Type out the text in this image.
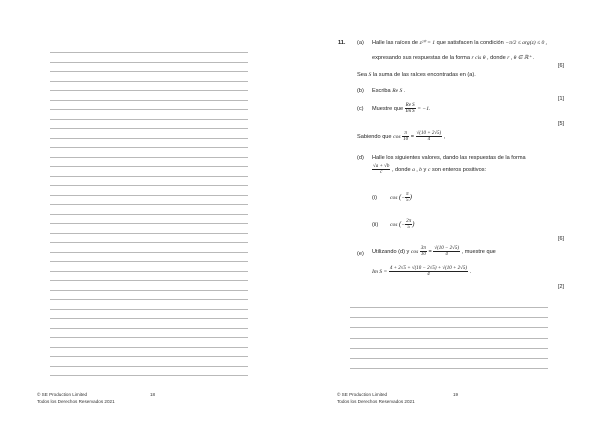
© SE Production Limited
Todos los Derechos Reservados 2021
18
11. (a) Halle las raíces de z²⁰ = 1 que satisfacen la condición −π/2 ≤ arg(z) ≤ 0 ,
expresando sus respuestas de la forma r cis θ , donde r , θ ∈ ℝ⁺ .
[6]
Sea S la suma de las raíces encontradas en (a).
(b) Escriba Re S .
[1]
(c) Muestre que $\frac{\text{Re S}}{\text{Im S}} = -1$.
[5]
Sabiendo que $\cos \frac{\pi}{10} = \frac{√(10 + 2√5)}{4}$ ,
(d) Halle los siguientes valores, dando las respuestas de la forma
$\frac{√a + √b}{c}$ , donde a , b y c son enteros positivos:
(i) cos (− $\frac{\pi}{5}$ )
(ii) cos (− $\frac{2\pi}{5}$ )
[6]
(e) Utilizando (d) y $\cos \frac{3\pi}{10} = \frac{√(10 - 2√5)}{4}$ , muestre que
Im $S = \frac{4 + 2√5 + √(10 - 2√5) + √(10 + 2√5)}{4}$ .
[2]
© SE Production Limited
Todos los Derechos Reservados 2021
19
